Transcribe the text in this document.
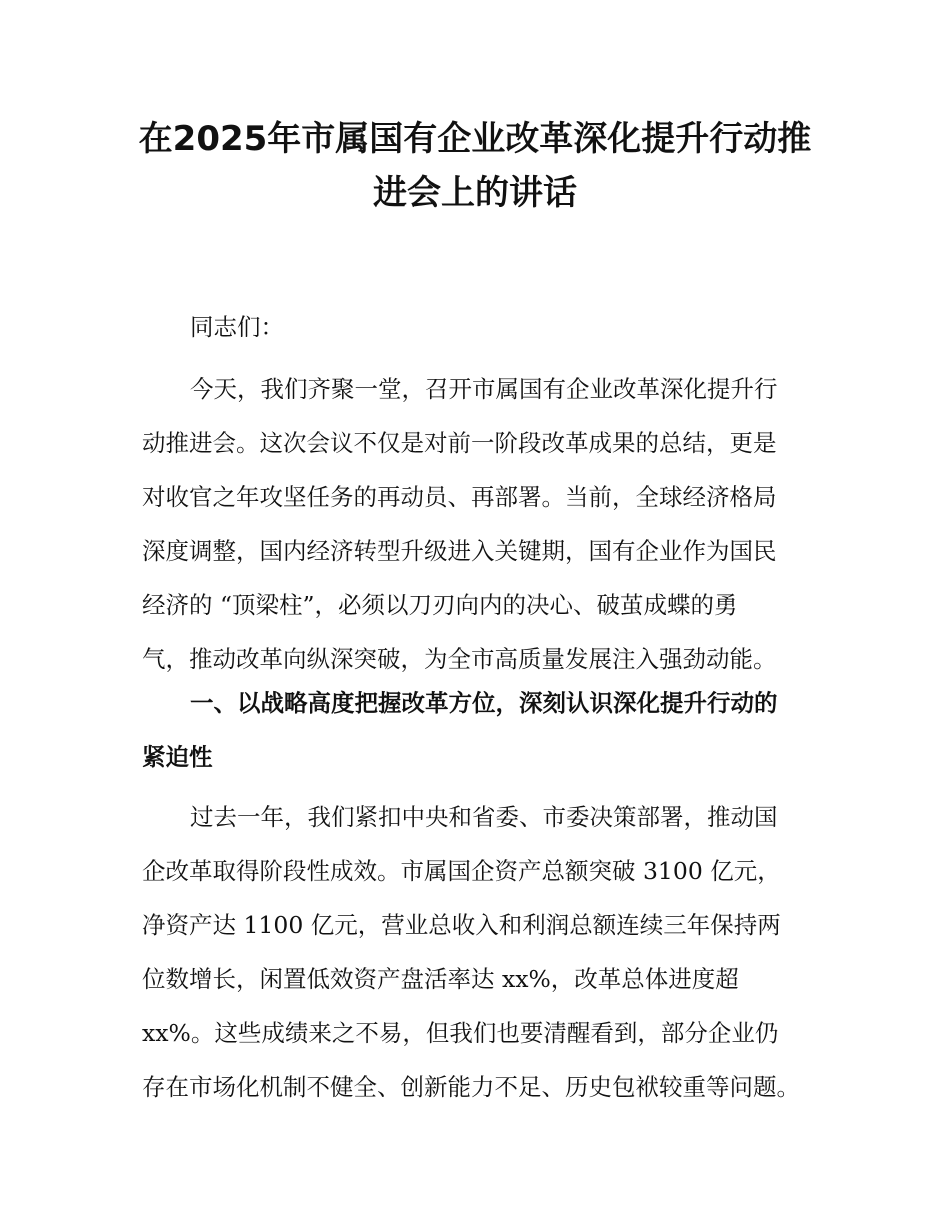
在2025年市属国有企业改革深化提升行动推
进会上的讲话

同志们：

今天，我们齐聚一堂，召开市属国有企业改革深化提升行
动推进会。这次会议不仅是对前一阶段改革成果的总结，更是
对收官之年攻坚任务的再动员、再部署。当前，全球经济格局
深度调整，国内经济转型升级进入关键期，国有企业作为国民
经济的 “顶梁柱”，必须以刀刃向内的决心、破茧成蝶的勇
气，推动改革向纵深突破，为全市高质量发展注入强劲动能。

一、以战略高度把握改革方位，深刻认识深化提升行动的
紧迫性

过去一年，我们紧扣中央和省委、市委决策部署，推动国
企改革取得阶段性成效。市属国企资产总额突破 3100 亿元，
净资产达 1100 亿元，营业总收入和利润总额连续三年保持两
位数增长，闲置低效资产盘活率达 xx%，改革总体进度超
xx%。这些成绩来之不易，但我们也要清醒看到，部分企业仍
存在市场化机制不健全、创新能力不足、历史包袱较重等问题。
